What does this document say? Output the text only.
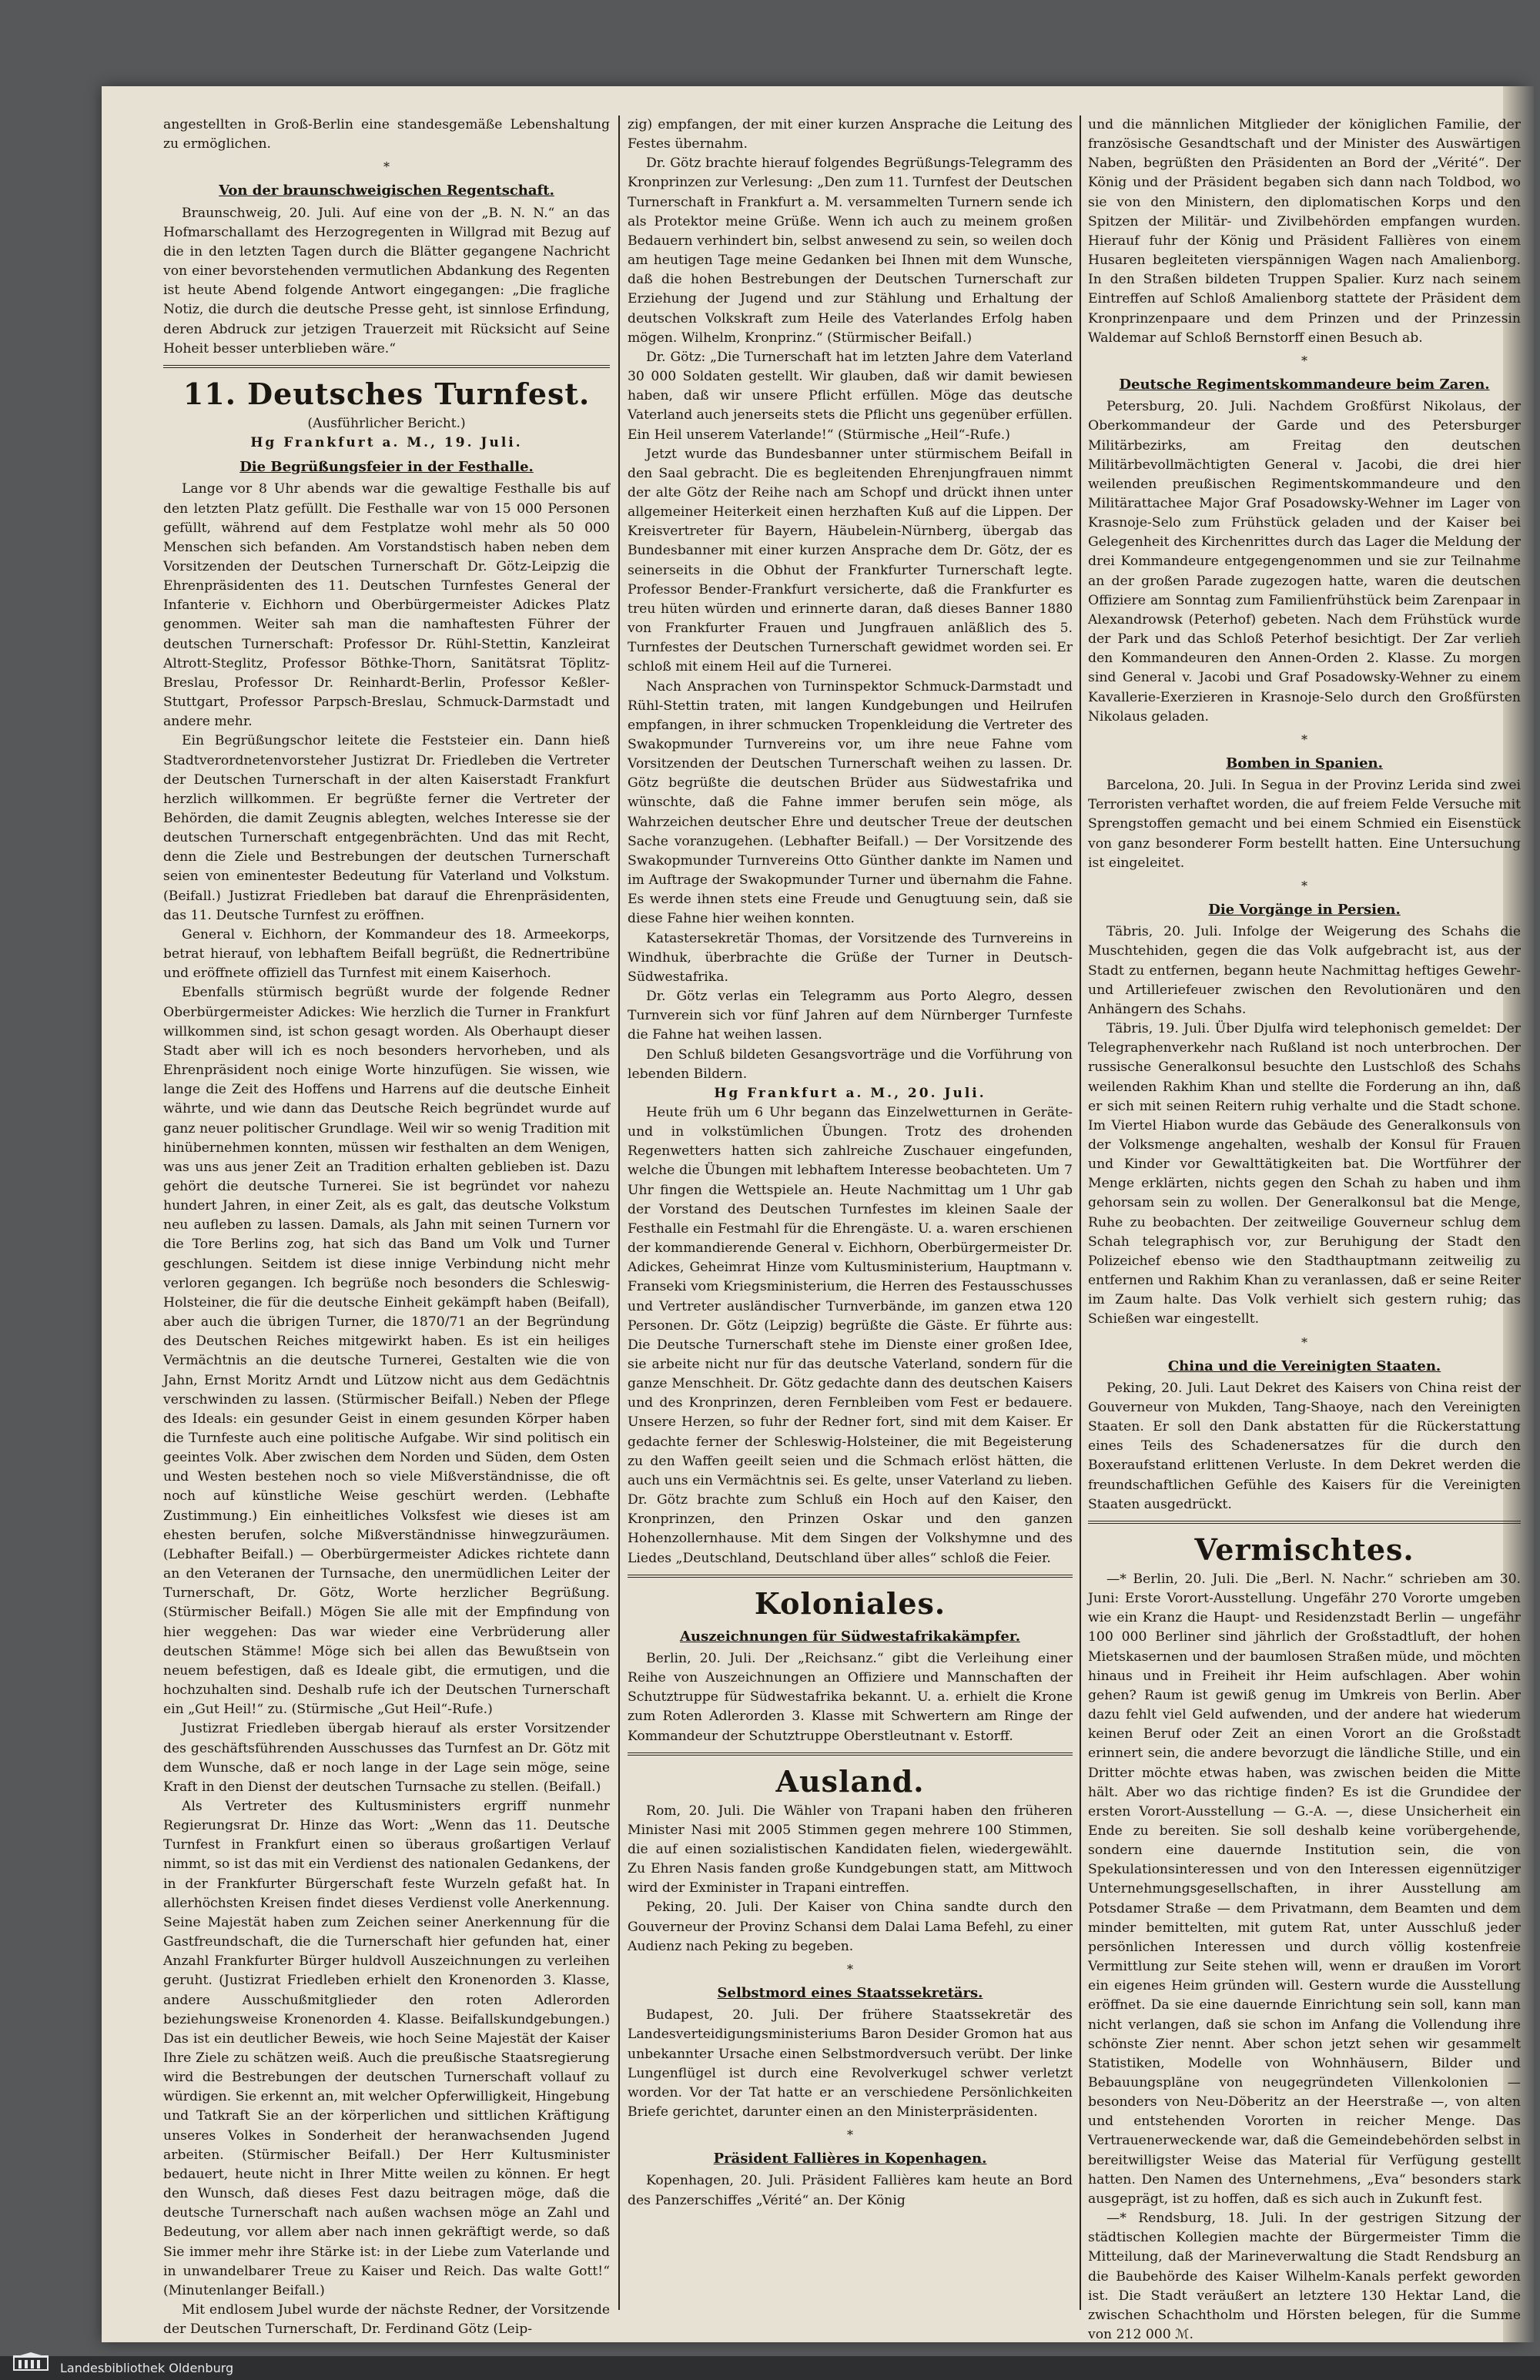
angestellten in Groß-Berlin eine standesgemäße Lebenshaltung zu ermöglichen.

*
Von der braunschweigischen Regentschaft.

Braunschweig, 20. Juli. Auf eine von der „B. N. N.“ an das Hofmarschallamt des Herzogregenten in Willgrad mit Bezug auf die in den letzten Tagen durch die Blätter gegangene Nachricht von einer bevorstehenden vermutlichen Abdankung des Regenten ist heute Abend folgende Antwort eingegangen: „Die fragliche Notiz, die durch die deutsche Presse geht, ist sinnlose Erfindung, deren Abdruck zur jetzigen Trauerzeit mit Rücksicht auf Seine Hoheit besser unterblieben wäre.“

11. Deutsches Turnfest.
(Ausführlicher Bericht.)
Hg Frankfurt a. M., 19. Juli.
Die Begrüßungsfeier in der Festhalle.

Lange vor 8 Uhr abends war die gewaltige Festhalle bis auf den letzten Platz gefüllt. Die Festhalle war von 15 000 Personen gefüllt, während auf dem Festplatze wohl mehr als 50 000 Menschen sich befanden. Am Vorstandstisch haben neben dem Vorsitzenden der Deutschen Turnerschaft Dr. Götz-Leipzig die Ehrenpräsidenten des 11. Deutschen Turnfestes General der Infanterie v. Eichhorn und Oberbürgermeister Adickes Platz genommen. Weiter sah man die namhaftesten Führer der deutschen Turnerschaft: Professor Dr. Rühl-Stettin, Kanzleirat Altrott-Steglitz, Professor Böthke-Thorn, Sanitätsrat Töplitz-Breslau, Professor Dr. Reinhardt-Berlin, Professor Keßler-Stuttgart, Professor Parpsch-Breslau, Schmuck-Darmstadt und andere mehr.

Ein Begrüßungschor leitete die Feststeier ein. Dann hieß Stadtverordnetenvorsteher Justizrat Dr. Friedleben die Vertreter der Deutschen Turnerschaft in der alten Kaiserstadt Frankfurt herzlich willkommen. Er begrüßte ferner die Vertreter der Behörden, die damit Zeugnis ablegten, welches Interesse sie der deutschen Turnerschaft entgegenbrächten. Und das mit Recht, denn die Ziele und Bestrebungen der deutschen Turnerschaft seien von eminentester Bedeutung für Vaterland und Volkstum. (Beifall.) Justizrat Friedleben bat darauf die Ehrenpräsidenten, das 11. Deutsche Turnfest zu eröffnen.

General v. Eichhorn, der Kommandeur des 18. Armeekorps, betrat hierauf, von lebhaftem Beifall begrüßt, die Rednertribüne und eröffnete offiziell das Turnfest mit einem Kaiserhoch.

Ebenfalls stürmisch begrüßt wurde der folgende Redner Oberbürgermeister Adickes: Wie herzlich die Turner in Frankfurt willkommen sind, ist schon gesagt worden. Als Oberhaupt dieser Stadt aber will ich es noch besonders hervorheben, und als Ehrenpräsident noch einige Worte hinzufügen. Sie wissen, wie lange die Zeit des Hoffens und Harrens auf die deutsche Einheit währte, und wie dann das Deutsche Reich begründet wurde auf ganz neuer politischer Grundlage. Weil wir so wenig Tradition mit hinübernehmen konnten, müssen wir festhalten an dem Wenigen, was uns aus jener Zeit an Tradition erhalten geblieben ist. Dazu gehört die deutsche Turnerei. Sie ist begründet vor nahezu hundert Jahren, in einer Zeit, als es galt, das deutsche Volkstum neu aufleben zu lassen. Damals, als Jahn mit seinen Turnern vor die Tore Berlins zog, hat sich das Band um Volk und Turner geschlungen. Seitdem ist diese innige Verbindung nicht mehr verloren gegangen. Ich begrüße noch besonders die Schleswig-Holsteiner, die für die deutsche Einheit gekämpft haben (Beifall), aber auch die übrigen Turner, die 1870/71 an der Begründung des Deutschen Reiches mitgewirkt haben. Es ist ein heiliges Vermächtnis an die deutsche Turnerei, Gestalten wie die von Jahn, Ernst Moritz Arndt und Lützow nicht aus dem Gedächtnis verschwinden zu lassen. (Stürmischer Beifall.) Neben der Pflege des Ideals: ein gesunder Geist in einem gesunden Körper haben die Turnfeste auch eine politische Aufgabe. Wir sind politisch ein geeintes Volk. Aber zwischen dem Norden und Süden, dem Osten und Westen bestehen noch so viele Mißverständnisse, die oft noch auf künstliche Weise geschürt werden. (Lebhafte Zustimmung.) Ein einheitliches Volksfest wie dieses ist am ehesten berufen, solche Mißverständnisse hinwegzuräumen. (Lebhafter Beifall.) — Oberbürgermeister Adickes richtete dann an den Veteranen der Turnsache, den unermüdlichen Leiter der Turnerschaft, Dr. Götz, Worte herzlicher Begrüßung. (Stürmischer Beifall.) Mögen Sie alle mit der Empfindung von hier weggehen: Das war wieder eine Verbrüderung aller deutschen Stämme! Möge sich bei allen das Bewußtsein von neuem befestigen, daß es Ideale gibt, die ermutigen, und die hochzuhalten sind. Deshalb rufe ich der Deutschen Turnerschaft ein „Gut Heil!“ zu. (Stürmische „Gut Heil“-Rufe.)

Justizrat Friedleben übergab hierauf als erster Vorsitzender des geschäftsführenden Ausschusses das Turnfest an Dr. Götz mit dem Wunsche, daß er noch lange in der Lage sein möge, seine Kraft in den Dienst der deutschen Turnsache zu stellen. (Beifall.)

Als Vertreter des Kultusministers ergriff nunmehr Regierungsrat Dr. Hinze das Wort: „Wenn das 11. Deutsche Turnfest in Frankfurt einen so überaus großartigen Verlauf nimmt, so ist das mit ein Verdienst des nationalen Gedankens, der in der Frankfurter Bürgerschaft feste Wurzeln gefaßt hat. In allerhöchsten Kreisen findet dieses Verdienst volle Anerkennung. Seine Majestät haben zum Zeichen seiner Anerkennung für die Gastfreundschaft, die die Turnerschaft hier gefunden hat, einer Anzahl Frankfurter Bürger huldvoll Auszeichnungen zu verleihen geruht. (Justizrat Friedleben erhielt den Kronenorden 3. Klasse, andere Ausschußmitglieder den roten Adlerorden beziehungsweise Kronenorden 4. Klasse. Beifallskundgebungen.) Das ist ein deutlicher Beweis, wie hoch Seine Majestät der Kaiser Ihre Ziele zu schätzen weiß. Auch die preußische Staatsregierung wird die Bestrebungen der deutschen Turnerschaft vollauf zu würdigen. Sie erkennt an, mit welcher Opferwilligkeit, Hingebung und Tatkraft Sie an der körperlichen und sittlichen Kräftigung unseres Volkes in Sonderheit der heranwachsenden Jugend arbeiten. (Stürmischer Beifall.) Der Herr Kultusminister bedauert, heute nicht in Ihrer Mitte weilen zu können. Er hegt den Wunsch, daß dieses Fest dazu beitragen möge, daß die deutsche Turnerschaft nach außen wachsen möge an Zahl und Bedeutung, vor allem aber nach innen gekräftigt werde, so daß Sie immer mehr ihre Stärke ist: in der Liebe zum Vaterlande und in unwandelbarer Treue zu Kaiser und Reich. Das walte Gott!“ (Minutenlanger Beifall.)

Mit endlosem Jubel wurde der nächste Redner, der Vorsitzende der Deutschen Turnerschaft, Dr. Ferdinand Götz (Leip-

zig) empfangen, der mit einer kurzen Ansprache die Leitung des Festes übernahm.

Dr. Götz brachte hierauf folgendes Begrüßungs-Telegramm des Kronprinzen zur Verlesung: „Den zum 11. Turnfest der Deutschen Turnerschaft in Frankfurt a. M. versammelten Turnern sende ich als Protektor meine Grüße. Wenn ich auch zu meinem großen Bedauern verhindert bin, selbst anwesend zu sein, so weilen doch am heutigen Tage meine Gedanken bei Ihnen mit dem Wunsche, daß die hohen Bestrebungen der Deutschen Turnerschaft zur Erziehung der Jugend und zur Stählung und Erhaltung der deutschen Volkskraft zum Heile des Vaterlandes Erfolg haben mögen. Wilhelm, Kronprinz.“ (Stürmischer Beifall.)

Dr. Götz: „Die Turnerschaft hat im letzten Jahre dem Vaterland 30 000 Soldaten gestellt. Wir glauben, daß wir damit bewiesen haben, daß wir unsere Pflicht erfüllen. Möge das deutsche Vaterland auch jenerseits stets die Pflicht uns gegenüber erfüllen. Ein Heil unserem Vaterlande!“ (Stürmische „Heil“-Rufe.)

Jetzt wurde das Bundesbanner unter stürmischem Beifall in den Saal gebracht. Die es begleitenden Ehrenjungfrauen nimmt der alte Götz der Reihe nach am Schopf und drückt ihnen unter allgemeiner Heiterkeit einen herzhaften Kuß auf die Lippen. Der Kreisvertreter für Bayern, Häubelein-Nürnberg, übergab das Bundesbanner mit einer kurzen Ansprache dem Dr. Götz, der es seinerseits in die Obhut der Frankfurter Turnerschaft legte. Professor Bender-Frankfurt versicherte, daß die Frankfurter es treu hüten würden und erinnerte daran, daß dieses Banner 1880 von Frankfurter Frauen und Jungfrauen anläßlich des 5. Turnfestes der Deutschen Turnerschaft gewidmet worden sei. Er schloß mit einem Heil auf die Turnerei.

Nach Ansprachen von Turninspektor Schmuck-Darmstadt und Rühl-Stettin traten, mit langen Kundgebungen und Heilrufen empfangen, in ihrer schmucken Tropenkleidung die Vertreter des Swakopmunder Turnvereins vor, um ihre neue Fahne vom Vorsitzenden der Deutschen Turnerschaft weihen zu lassen. Dr. Götz begrüßte die deutschen Brüder aus Südwestafrika und wünschte, daß die Fahne immer berufen sein möge, als Wahrzeichen deutscher Ehre und deutscher Treue der deutschen Sache voranzugehen. (Lebhafter Beifall.) — Der Vorsitzende des Swakopmunder Turnvereins Otto Günther dankte im Namen und im Auftrage der Swakopmunder Turner und übernahm die Fahne. Es werde ihnen stets eine Freude und Genugtuung sein, daß sie diese Fahne hier weihen konnten.

Katastersekretär Thomas, der Vorsitzende des Turnvereins in Windhuk, überbrachte die Grüße der Turner in Deutsch-Südwestafrika.

Dr. Götz verlas ein Telegramm aus Porto Alegro, dessen Turnverein sich vor fünf Jahren auf dem Nürnberger Turnfeste die Fahne hat weihen lassen.

Den Schluß bildeten Gesangsvorträge und die Vorführung von lebenden Bildern.

Hg Frankfurt a. M., 20. Juli.

Heute früh um 6 Uhr begann das Einzelwetturnen in Geräte- und in volkstümlichen Übungen. Trotz des drohenden Regenwetters hatten sich zahlreiche Zuschauer eingefunden, welche die Übungen mit lebhaftem Interesse beobachteten. Um 7 Uhr fingen die Wettspiele an. Heute Nachmittag um 1 Uhr gab der Vorstand des Deutschen Turnfestes im kleinen Saale der Festhalle ein Festmahl für die Ehrengäste. U. a. waren erschienen der kommandierende General v. Eichhorn, Oberbürgermeister Dr. Adickes, Geheimrat Hinze vom Kultusministerium, Hauptmann v. Franseki vom Kriegsministerium, die Herren des Festausschusses und Vertreter ausländischer Turnverbände, im ganzen etwa 120 Personen. Dr. Götz (Leipzig) begrüßte die Gäste. Er führte aus: Die Deutsche Turnerschaft stehe im Dienste einer großen Idee, sie arbeite nicht nur für das deutsche Vaterland, sondern für die ganze Menschheit. Dr. Götz gedachte dann des deutschen Kaisers und des Kronprinzen, deren Fernbleiben vom Fest er bedauere. Unsere Herzen, so fuhr der Redner fort, sind mit dem Kaiser. Er gedachte ferner der Schleswig-Holsteiner, die mit Begeisterung zu den Waffen geeilt seien und die Schmach erlöst hätten, die auch uns ein Vermächtnis sei. Es gelte, unser Vaterland zu lieben. Dr. Götz brachte zum Schluß ein Hoch auf den Kaiser, den Kronprinzen, den Prinzen Oskar und den ganzen Hohenzollernhause. Mit dem Singen der Volkshymne und des Liedes „Deutschland, Deutschland über alles“ schloß die Feier.

Koloniales.
Auszeichnungen für Südwestafrikakämpfer.

Berlin, 20. Juli. Der „Reichsanz.“ gibt die Verleihung einer Reihe von Auszeichnungen an Offiziere und Mannschaften der Schutztruppe für Südwestafrika bekannt. U. a. erhielt die Krone zum Roten Adlerorden 3. Klasse mit Schwertern am Ringe der Kommandeur der Schutztruppe Oberstleutnant v. Estorff.

Ausland.

Rom, 20. Juli. Die Wähler von Trapani haben den früheren Minister Nasi mit 2005 Stimmen gegen mehrere 100 Stimmen, die auf einen sozialistischen Kandidaten fielen, wiedergewählt. Zu Ehren Nasis fanden große Kundgebungen statt, am Mittwoch wird der Exminister in Trapani eintreffen.

Peking, 20. Juli. Der Kaiser von China sandte durch den Gouverneur der Provinz Schansi dem Dalai Lama Befehl, zu einer Audienz nach Peking zu begeben.

*
Selbstmord eines Staatssekretärs.

Budapest, 20. Juli. Der frühere Staatssekretär des Landesverteidigungsministeriums Baron Desider Gromon hat aus unbekannter Ursache einen Selbstmordversuch verübt. Der linke Lungenflügel ist durch eine Revolverkugel schwer verletzt worden. Vor der Tat hatte er an verschiedene Persönlichkeiten Briefe gerichtet, darunter einen an den Ministerpräsidenten.

*
Präsident Fallières in Kopenhagen.

Kopenhagen, 20. Juli. Präsident Fallières kam heute an Bord des Panzerschiffes „Vérité“ an. Der König

und die männlichen Mitglieder der königlichen Familie, der französische Gesandtschaft und der Minister des Auswärtigen Naben, begrüßten den Präsidenten an Bord der „Vérité“. Der König und der Präsident begaben sich dann nach Toldbod, wo sie von den Ministern, den diplomatischen Korps und den Spitzen der Militär- und Zivilbehörden empfangen wurden. Hierauf fuhr der König und Präsident Fallières von einem Husaren begleiteten vierspännigen Wagen nach Amalienborg. In den Straßen bildeten Truppen Spalier. Kurz nach seinem Eintreffen auf Schloß Amalienborg stattete der Präsident dem Kronprinzenpaare und dem Prinzen und der Prinzessin Waldemar auf Schloß Bernstorff einen Besuch ab.

*
Deutsche Regimentskommandeure beim Zaren.

Petersburg, 20. Juli. Nachdem Großfürst Nikolaus, der Oberkommandeur der Garde und des Petersburger Militärbezirks, am Freitag den deutschen Militärbevollmächtigten General v. Jacobi, die drei hier weilenden preußischen Regimentskommandeure und den Militärattachee Major Graf Posadowsky-Wehner im Lager von Krasnoje-Selo zum Frühstück geladen und der Kaiser bei Gelegenheit des Kirchenrittes durch das Lager die Meldung der drei Kommandeure entgegengenommen und sie zur Teilnahme an der großen Parade zugezogen hatte, waren die deutschen Offiziere am Sonntag zum Familienfrühstück beim Zarenpaar in Alexandrowsk (Peterhof) gebeten. Nach dem Frühstück wurde der Park und das Schloß Peterhof besichtigt. Der Zar verlieh den Kommandeuren den Annen-Orden 2. Klasse. Zu morgen sind General v. Jacobi und Graf Posadowsky-Wehner zu einem Kavallerie-Exerzieren in Krasnoje-Selo durch den Großfürsten Nikolaus geladen.

*
Bomben in Spanien.

Barcelona, 20. Juli. In Segua in der Provinz Lerida sind zwei Terroristen verhaftet worden, die auf freiem Felde Versuche mit Sprengstoffen gemacht und bei einem Schmied ein Eisenstück von ganz besonderer Form bestellt hatten. Eine Untersuchung ist eingeleitet.

*
Die Vorgänge in Persien.

Täbris, 20. Juli. Infolge der Weigerung des Schahs die Muschtehiden, gegen die das Volk aufgebracht ist, aus der Stadt zu entfernen, begann heute Nachmittag heftiges Gewehr- und Artilleriefeuer zwischen den Revolutionären und den Anhängern des Schahs.

Täbris, 19. Juli. Über Djulfa wird telephonisch gemeldet: Der Telegraphenverkehr nach Rußland ist noch unterbrochen. Der russische Generalkonsul besuchte den Lustschloß des Schahs weilenden Rakhim Khan und stellte die Forderung an ihn, daß er sich mit seinen Reitern ruhig verhalte und die Stadt schone. Im Viertel Hiabon wurde das Gebäude des Generalkonsuls von der Volksmenge angehalten, weshalb der Konsul für Frauen und Kinder vor Gewalttätigkeiten bat. Die Wortführer der Menge erklärten, nichts gegen den Schah zu haben und ihm gehorsam sein zu wollen. Der Generalkonsul bat die Menge, Ruhe zu beobachten. Der zeitweilige Gouverneur schlug dem Schah telegraphisch vor, zur Beruhigung der Stadt den Polizeichef ebenso wie den Stadthauptmann zeitweilig zu entfernen und Rakhim Khan zu veranlassen, daß er seine Reiter im Zaum halte. Das Volk verhielt sich gestern ruhig; das Schießen war eingestellt.

*
China und die Vereinigten Staaten.

Peking, 20. Juli. Laut Dekret des Kaisers von China reist der Gouverneur von Mukden, Tang-Shaoye, nach den Vereinigten Staaten. Er soll den Dank abstatten für die Rückerstattung eines Teils des Schadenersatzes für die durch den Boxeraufstand erlittenen Verluste. In dem Dekret werden die freundschaftlichen Gefühle des Kaisers für die Vereinigten Staaten ausgedrückt.

Vermischtes.

—* Berlin, 20. Juli. Die „Berl. N. Nachr.“ schrieben am 30. Juni: Erste Vorort-Ausstellung. Ungefähr 270 Vororte umgeben wie ein Kranz die Haupt- und Residenzstadt Berlin — ungefähr 100 000 Berliner sind jährlich der Großstadtluft, der hohen Mietskasernen und der baumlosen Straßen müde, und möchten hinaus und in Freiheit ihr Heim aufschlagen. Aber wohin gehen? Raum ist gewiß genug im Umkreis von Berlin. Aber dazu fehlt viel Geld aufwenden, und der andere hat wiederum keinen Beruf oder Zeit an einen Vorort an die Großstadt erinnert sein, die andere bevorzugt die ländliche Stille, und ein Dritter möchte etwas haben, was zwischen beiden die Mitte hält. Aber wo das richtige finden? Es ist die Grundidee der ersten Vorort-Ausstellung — G.-A. —, diese Unsicherheit ein Ende zu bereiten. Sie soll deshalb keine vorübergehende, sondern eine dauernde Institution sein, die von Spekulationsinteressen und von den Interessen eigennütziger Unternehmungsgesellschaften, in ihrer Ausstellung am Potsdamer Straße — dem Privatmann, dem Beamten und dem minder bemittelten, mit gutem Rat, unter Ausschluß jeder persönlichen Interessen und durch völlig kostenfreie Vermittlung zur Seite stehen will, wenn er draußen im Vorort ein eigenes Heim gründen will. Gestern wurde die Ausstellung eröffnet. Da sie eine dauernde Einrichtung sein soll, kann man nicht verlangen, daß sie schon im Anfang die Vollendung ihre schönste Zier nennt. Aber schon jetzt sehen wir gesammelt Statistiken, Modelle von Wohnhäusern, Bilder und Bebauungspläne von neugegründeten Villenkolonien — besonders von Neu-Döberitz an der Heerstraße —, von alten und entstehenden Vororten in reicher Menge. Das Vertrauenerweckende war, daß die Gemeindebehörden selbst in bereitwilligster Weise das Material für Verfügung gestellt hatten. Den Namen des Unternehmens, „Eva“ besonders stark ausgeprägt, ist zu hoffen, daß es sich auch in Zukunft fest.

—* Rendsburg, 18. Juli. In der gestrigen Sitzung der städtischen Kollegien machte der Bürgermeister Timm die Mitteilung, daß der Marineverwaltung die Stadt Rendsburg an die Baubehörde des Kaiser Wilhelm-Kanals perfekt geworden ist. Die Stadt veräußert an letztere 130 Hektar Land, die zwischen Schachtholm und Hörsten belegen, für die Summe von 212 000 ℳ.

Landesbibliothek Oldenburg
